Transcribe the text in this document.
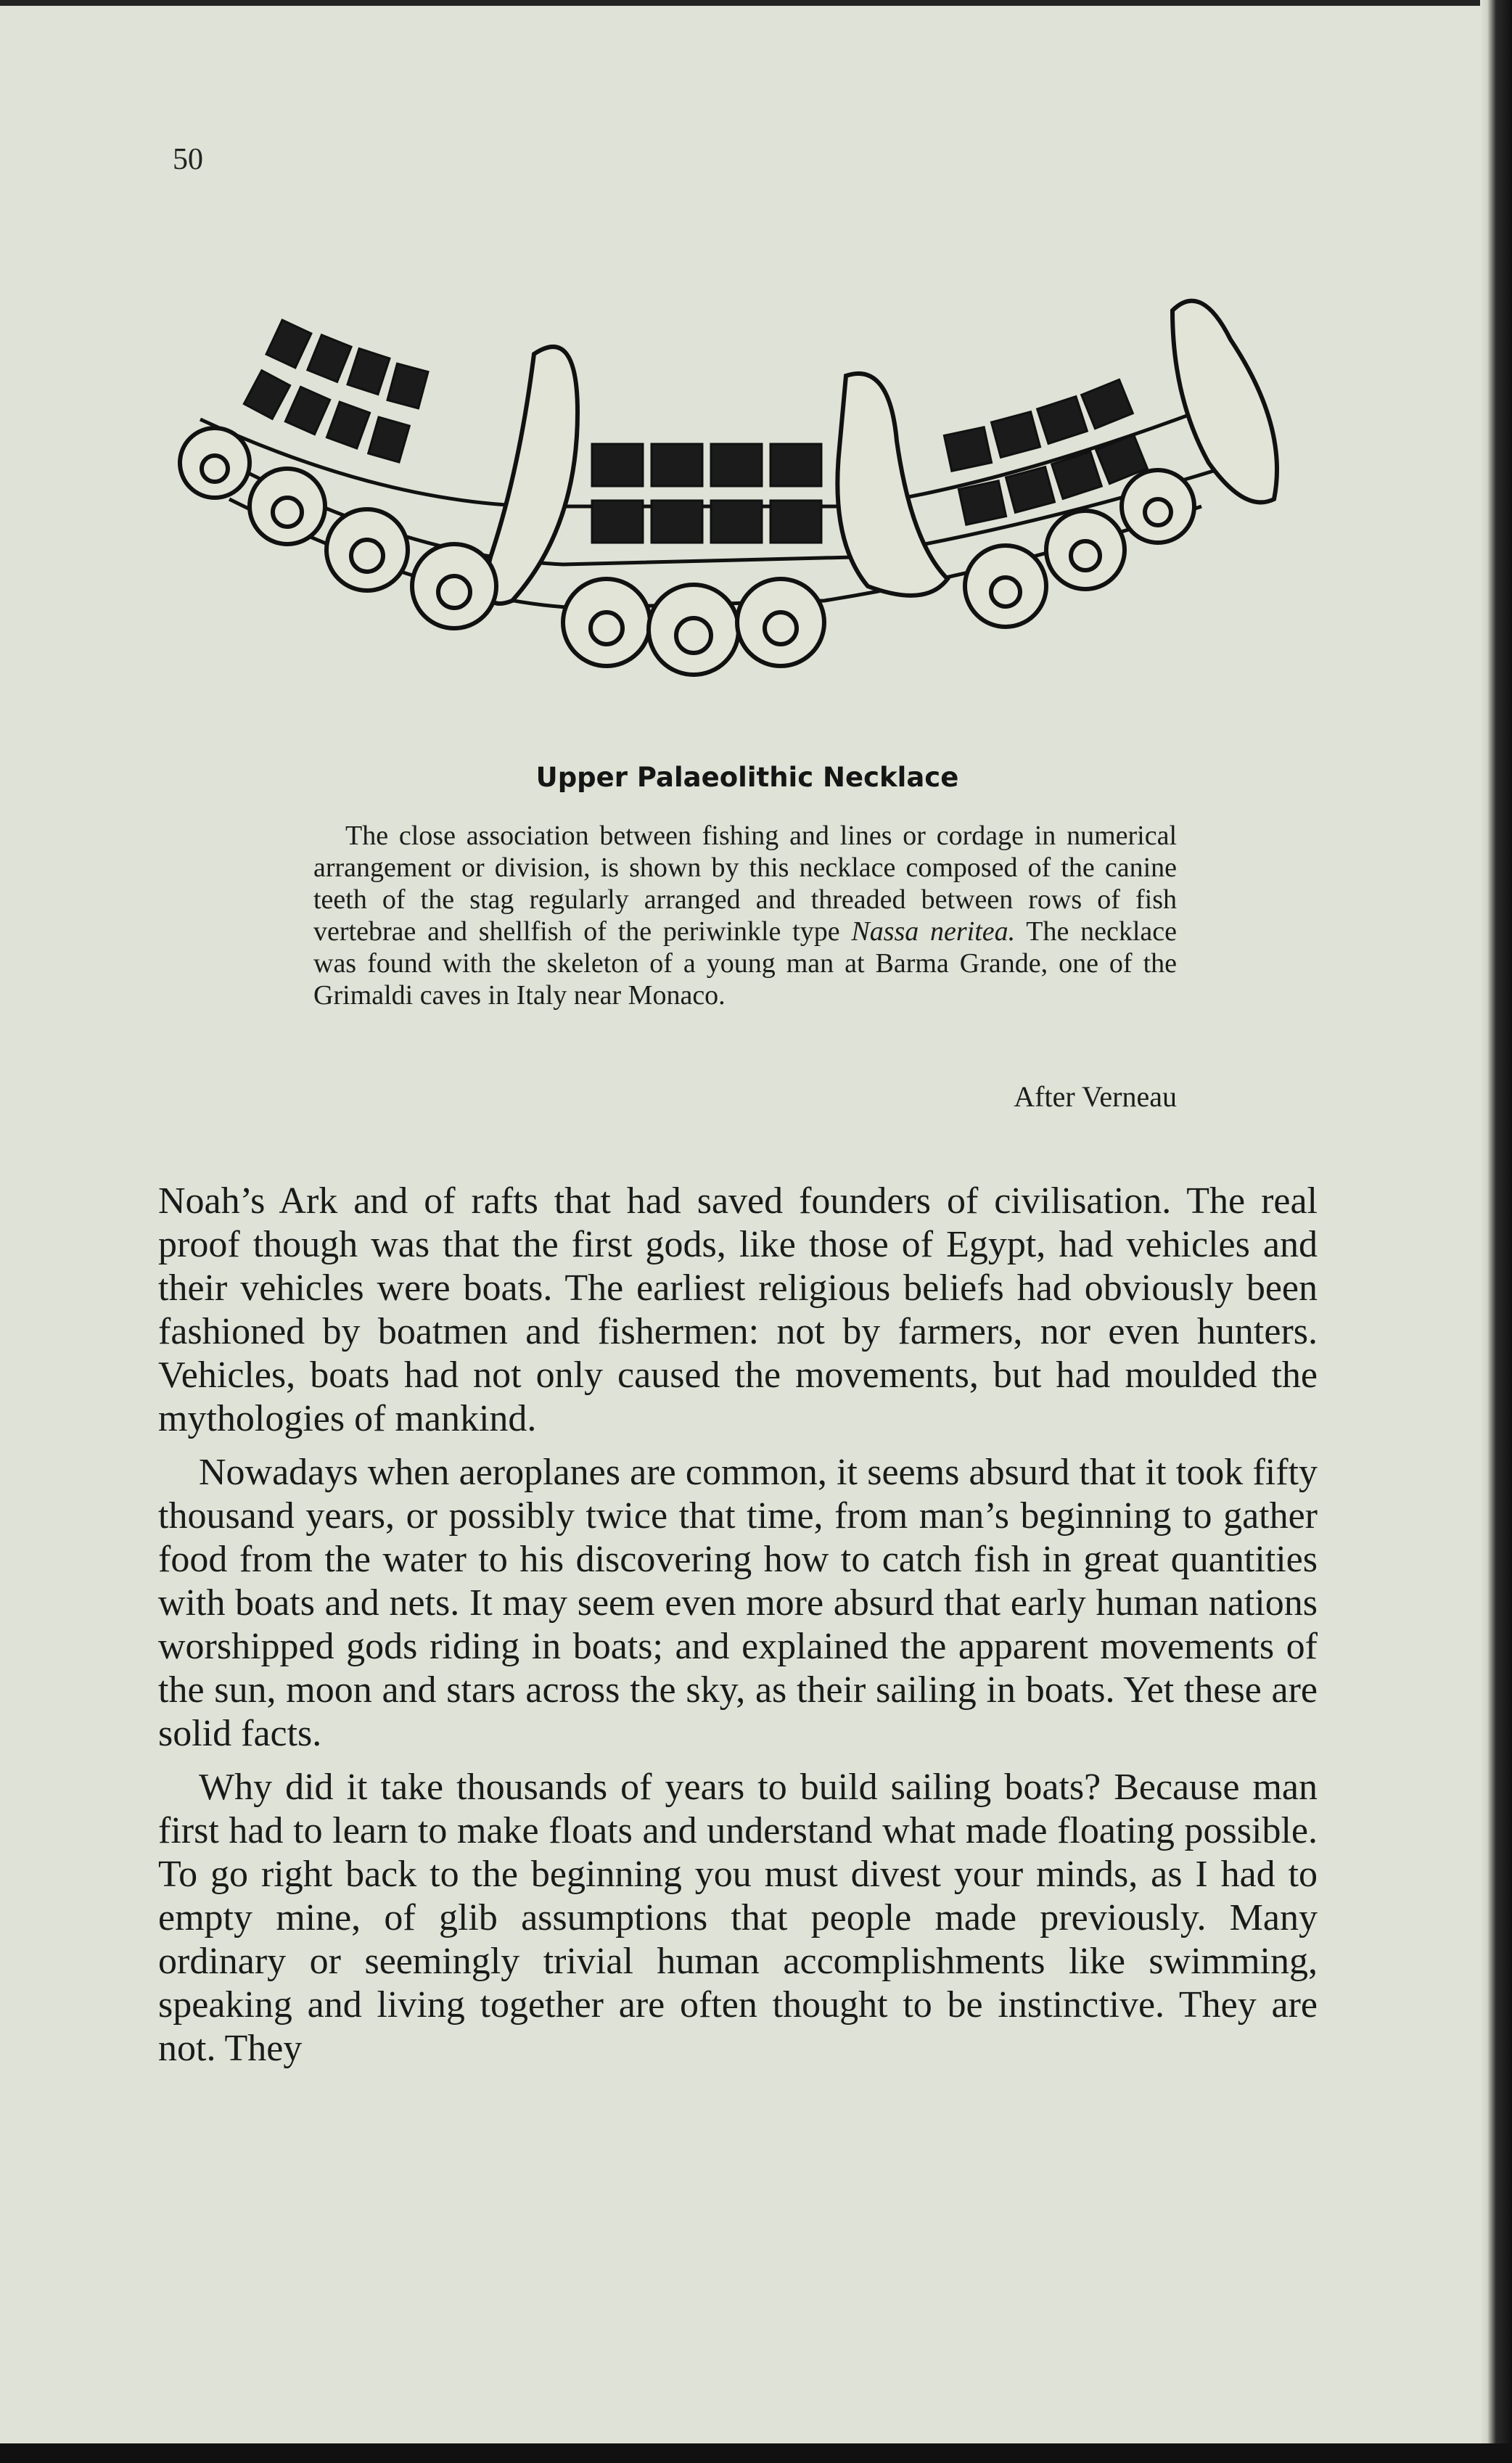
50
Upper Palaeolithic Necklace
The close association between fishing and lines or cordage in numerical arrangement or division, is shown by this necklace composed of the canine teeth of the stag regularly arranged and threaded between rows of fish vertebrae and shellfish of the periwinkle type Nassa neritea. The necklace was found with the skeleton of a young man at Barma Grande, one of the Grimaldi caves in Italy near Monaco.
After Verneau

Noah’s Ark and of rafts that had saved founders of civilisation. The real proof though was that the first gods, like those of Egypt, had vehicles and their vehicles were boats. The earliest religious beliefs had obviously been fashioned by boatmen and fishermen: not by farmers, nor even hunters. Vehicles, boats had not only caused the movements, but had moulded the mythologies of mankind.

Nowadays when aeroplanes are common, it seems absurd that it took fifty thousand years, or possibly twice that time, from man’s beginning to gather food from the water to his discovering how to catch fish in great quantities with boats and nets. It may seem even more absurd that early human nations worshipped gods riding in boats; and explained the apparent movements of the sun, moon and stars across the sky, as their sailing in boats. Yet these are solid facts.

Why did it take thousands of years to build sailing boats? Because man first had to learn to make floats and understand what made floating possible. To go right back to the beginning you must divest your minds, as I had to empty mine, of glib assumptions that people made previously. Many ordinary or seemingly trivial human accomplishments like swimming, speaking and living together are often thought to be instinctive. They are not. They
